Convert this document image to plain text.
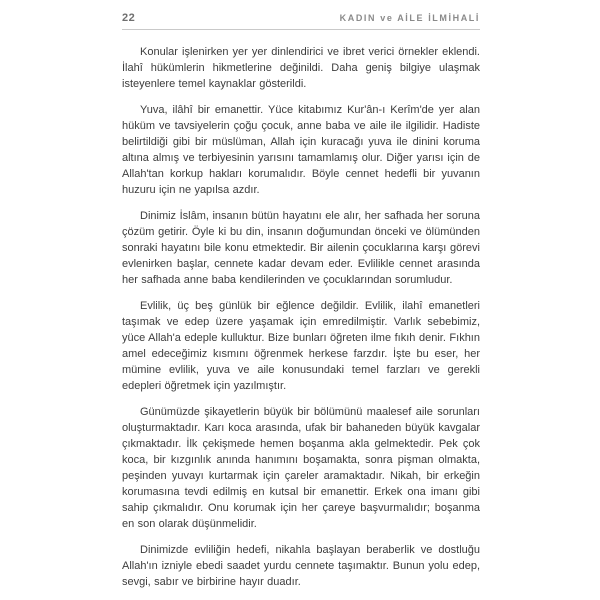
22	KADIN ve AİLE İLMİHALİ

Konular işlenirken yer yer dinlendirici ve ibret verici örnekler eklendi. İlahî hükümlerin hikmetlerine değinildi. Daha geniş bilgiye ulaşmak isteyenlere temel kaynaklar gösterildi.

Yuva, ilâhî bir emanettir. Yüce kitabımız Kur'ân-ı Kerîm'de yer alan hüküm ve tavsiyelerin çoğu çocuk, anne baba ve aile ile ilgilidir. Hadiste belirtildiği gibi bir müslüman, Allah için kuracağı yuva ile dinini koruma altına almış ve terbiyesinin yarısını tamamlamış olur. Diğer yarısı için de Allah'tan korkup hakları korumalıdır. Böyle cennet hedefli bir yuvanın huzuru için ne yapılsa azdır.

Dinimiz İslâm, insanın bütün hayatını ele alır, her safhada her soruna çözüm getirir. Öyle ki bu din, insanın doğumundan önceki ve ölümünden sonraki hayatını bile konu etmektedir. Bir ailenin çocuklarına karşı görevi evlenirken başlar, cennete kadar devam eder. Evlilikle cennet arasında her safhada anne baba kendilerinden ve çocuklarından sorumludur.

Evlilik, üç beş günlük bir eğlence değildir. Evlilik, ilahî emanetleri taşımak ve edep üzere yaşamak için emredilmiştir. Varlık sebebimiz, yüce Allah'a edeple kulluktur. Bize bunları öğreten ilme fıkıh denir. Fıkhın amel edeceğimiz kısmını öğrenmek herkese farzdır. İşte bu eser, her mümine evlilik, yuva ve aile konusundaki temel farzları ve gerekli edepleri öğretmek için yazılmıştır.

Günümüzde şikayetlerin büyük bir bölümünü maalesef aile sorunları oluşturmaktadır. Karı koca arasında, ufak bir bahaneden büyük kavgalar çıkmaktadır. İlk çekişmede hemen boşanma akla gelmektedir. Pek çok koca, bir kızgınlık anında hanımını boşamakta, sonra pişman olmakta, peşinden yuvayı kurtarmak için çareler aramaktadır. Nikah, bir erkeğin korumasına tevdi edilmiş en kutsal bir emanettir. Erkek ona imanı gibi sahip çıkmalıdır. Onu korumak için her çareye başvurmalıdır; boşanma en son olarak düşünmelidir.

Dinimizde evliliğin hedefi, nikahla başlayan beraberlik ve dostluğu Allah'ın izniyle ebedi saadet yurdu cennete taşımaktır. Bunun yolu edep, sevgi, sabır ve birbirine hayır duadır.
